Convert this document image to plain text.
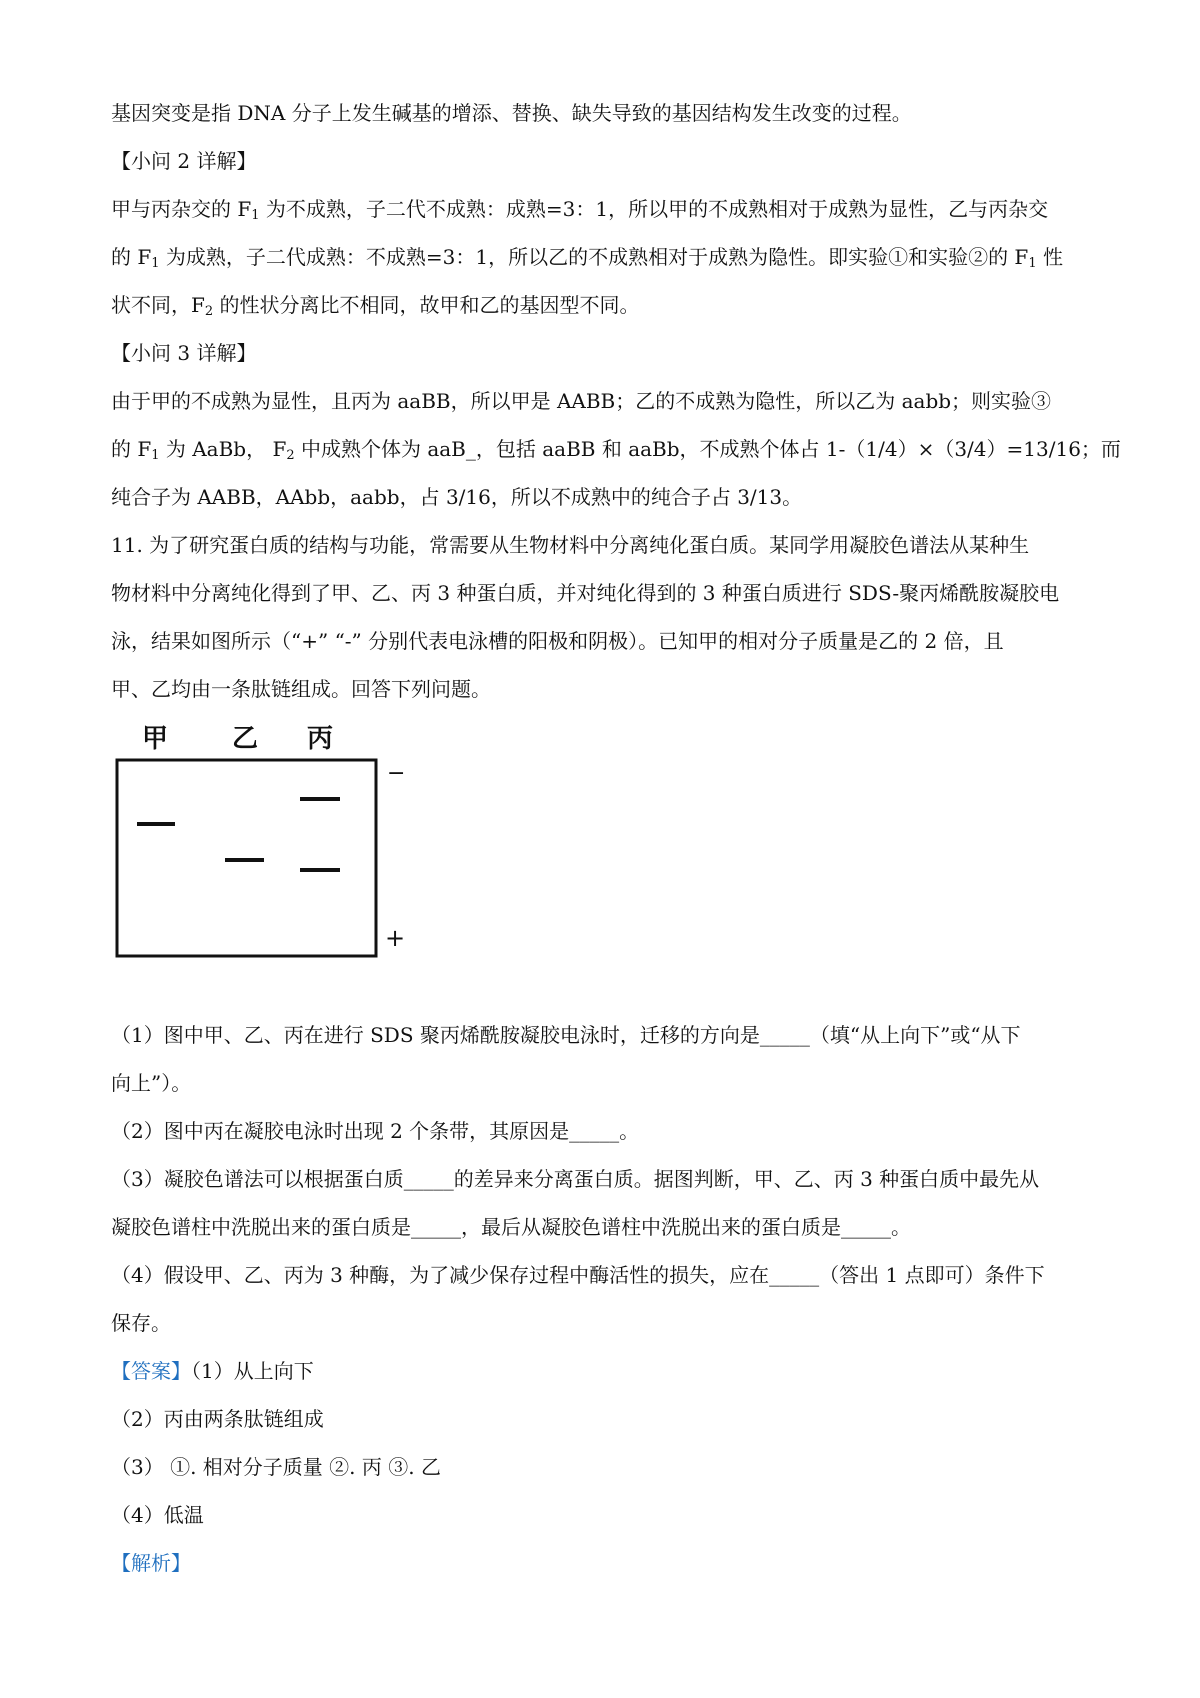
基因突变是指 DNA 分子上发生碱基的增添、替换、缺失导致的基因结构发生改变的过程。
【小问 2 详解】
甲与丙杂交的 $F_1$ 为不成熟，子二代不成熟：成熟=3：1，所以甲的不成熟相对于成熟为显性，乙与丙杂交
的 $F_1$ 为成熟，子二代成熟：不成熟=3：1，所以乙的不成熟相对于成熟为隐性。即实验①和实验②的 $F_1$ 性
状不同，$F_2$ 的性状分离比不相同，故甲和乙的基因型不同。
【小问 3 详解】
由于甲的不成熟为显性，且丙为 aaBB，所以甲是 AABB；乙的不成熟为隐性，所以乙为 aabb；则实验③
的 $F_1$ 为 AaBb， $F_2$ 中成熟个体为 aaB_，包括 aaBB 和 aaBb，不成熟个体占 1-（1/4）×（3/4）=13/16；而
纯合子为 AABB，AAbb，aabb，占 3/16，所以不成熟中的纯合子占 3/13。
11. 为了研究蛋白质的结构与功能，常需要从生物材料中分离纯化蛋白质。某同学用凝胶色谱法从某种生
物材料中分离纯化得到了甲、乙、丙 3 种蛋白质，并对纯化得到的 3 种蛋白质进行 SDS-聚丙烯酰胺凝胶电
泳，结果如图所示（“+” “-” 分别代表电泳槽的阳极和阴极）。已知甲的相对分子质量是乙的 2 倍，且
甲、乙均由一条肽链组成。回答下列问题。
甲 乙 丙
−
+
（1）图中甲、乙、丙在进行 SDS 聚丙烯酰胺凝胶电泳时，迁移的方向是_____（填“从上向下”或“从下
向上”）。
（2）图中丙在凝胶电泳时出现 2 个条带，其原因是_____。
（3）凝胶色谱法可以根据蛋白质_____的差异来分离蛋白质。据图判断，甲、乙、丙 3 种蛋白质中最先从
凝胶色谱柱中洗脱出来的蛋白质是_____，最后从凝胶色谱柱中洗脱出来的蛋白质是_____。
（4）假设甲、乙、丙为 3 种酶，为了减少保存过程中酶活性的损失，应在_____（答出 1 点即可）条件下
保存。
【答案】（1）从上向下
（2）丙由两条肽链组成
（3） ①. 相对分子质量 ②. 丙 ③. 乙
（4）低温
【解析】
